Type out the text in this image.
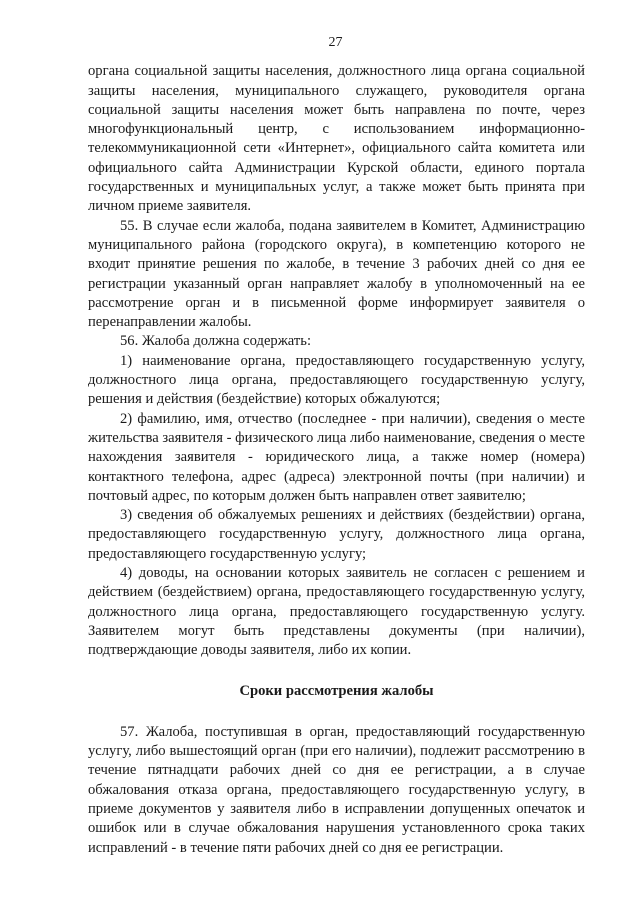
27

органа социальной защиты населения, должностного лица органа социальной защиты населения, муниципального служащего, руководителя органа социальной защиты населения может быть направлена по почте, через многофункциональный центр, с использованием информационно-телекоммуникационной сети «Интернет», официального сайта комитета или официального сайта Администрации Курской области, единого портала государственных и муниципальных услуг, а также может быть принята при личном приеме заявителя.

55. В случае если жалоба, подана заявителем в Комитет, Администрацию муниципального района (городского округа), в компетенцию которого не входит принятие решения по жалобе, в течение 3 рабочих дней со дня ее регистрации указанный орган направляет жалобу в уполномоченный на ее рассмотрение орган и в письменной форме информирует заявителя о перенаправлении жалобы.

56. Жалоба должна содержать:

1) наименование органа, предоставляющего государственную услугу, должностного лица органа, предоставляющего государственную услугу, решения и действия (бездействие) которых обжалуются;

2) фамилию, имя, отчество (последнее - при наличии), сведения о месте жительства заявителя - физического лица либо наименование, сведения о месте нахождения заявителя - юридического лица, а также номер (номера) контактного телефона, адрес (адреса) электронной почты (при наличии) и почтовый адрес, по которым должен быть направлен ответ заявителю;

3) сведения об обжалуемых решениях и действиях (бездействии) органа, предоставляющего государственную услугу, должностного лица органа, предоставляющего государственную услугу;

4) доводы, на основании которых заявитель не согласен с решением и действием (бездействием) органа, предоставляющего государственную услугу, должностного лица органа, предоставляющего государственную услугу. Заявителем могут быть представлены документы (при наличии), подтверждающие доводы заявителя, либо их копии.

Сроки рассмотрения жалобы

57. Жалоба, поступившая в орган, предоставляющий государственную услугу, либо вышестоящий орган (при его наличии), подлежит рассмотрению в течение пятнадцати рабочих дней со дня ее регистрации, а в случае обжалования отказа органа, предоставляющего государственную услугу, в приеме документов у заявителя либо в исправлении допущенных опечаток и ошибок или в случае обжалования нарушения установленного срока таких исправлений - в течение пяти рабочих дней со дня ее регистрации.
